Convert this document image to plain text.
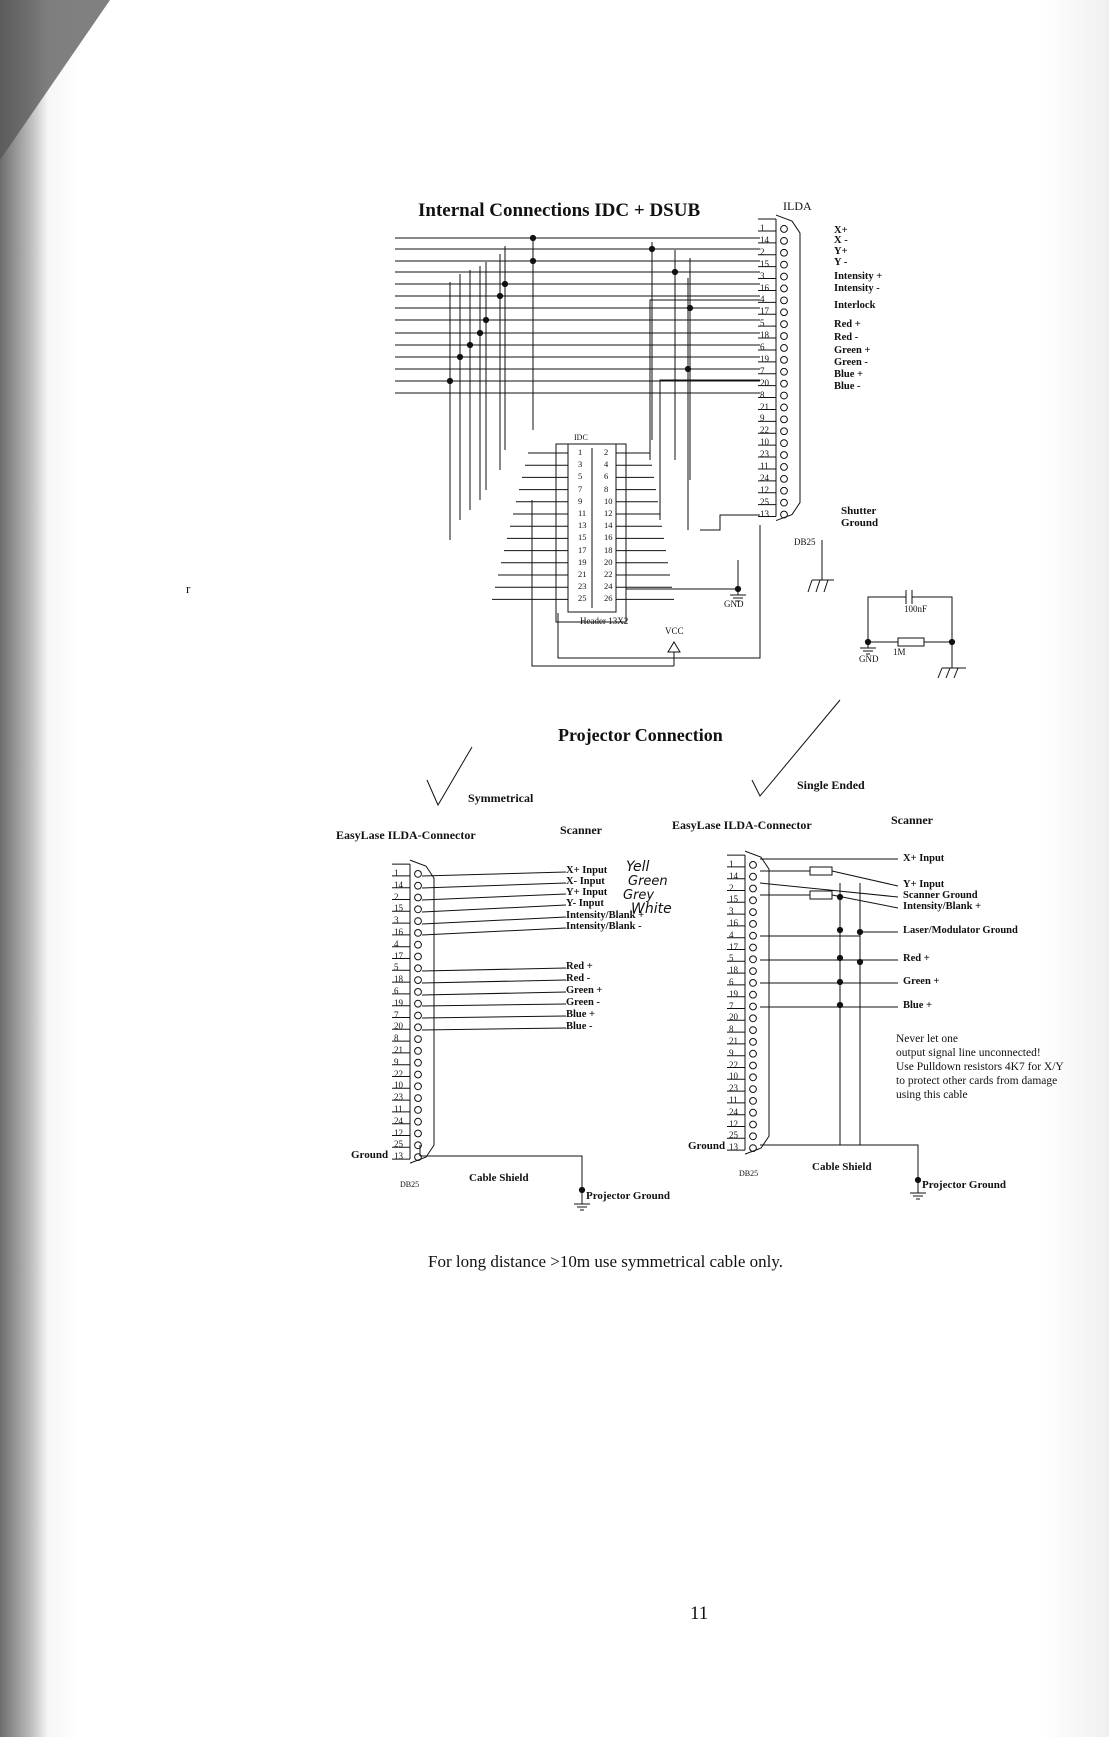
Internal Connections IDC + DSUB	ILDA
DB25
IDC
Header 13X2
VCC
GND
GND
100nF
1M
Shutter
Ground
1
14
2
15
3
16
4
17
5
18
6
19
7
20
8
21
9
22
10
23
11
24
12
25
13
1	2
3	4
5	6
7	8
9	10
11 12
13 14
15 16
17 18
19 20
21 22
23 24
25 26
X+
X -
Y+
Y -
Intensity +
Intensity -
Interlock
Red +
Red -
Green +
Green -
Blue +
Blue -
r
Projector Connection
Symmetrical
Single Ended
EasyLase ILDA-Connector	Scanner	EasyLase ILDA-Connector	Scanner
1
14
2
15
3
16
4
17
5
18
6
19
7
20
8
21
9
22
10
23
11
24
12
25
13
X+ Input
X- Input
Y+ Input
Y- Input
Intensity/Blank +
Intensity/Blank -
Red +
Red -
Green +
Green -
Blue +
Blue -
Yell
Green
Grey
White
Ground
DB25
Cable Shield
Projector Ground
1
14
2
15
3
16
4
17
5
18
6
19
7
20
8
21
9
22
10
23
11
24
12
25
13
X+ Input
Y+ Input
Scanner Ground
Intensity/Blank +
Laser/Modulator Ground
Red +
Green +
Blue +
Never let one
output signal line unconnected!
Use Pulldown resistors 4K7 for X/Y
to protect other cards from damage
using this cable
Ground
DB25
Cable Shield
Projector Ground
For long distance >10m use symmetrical cable only.
11
